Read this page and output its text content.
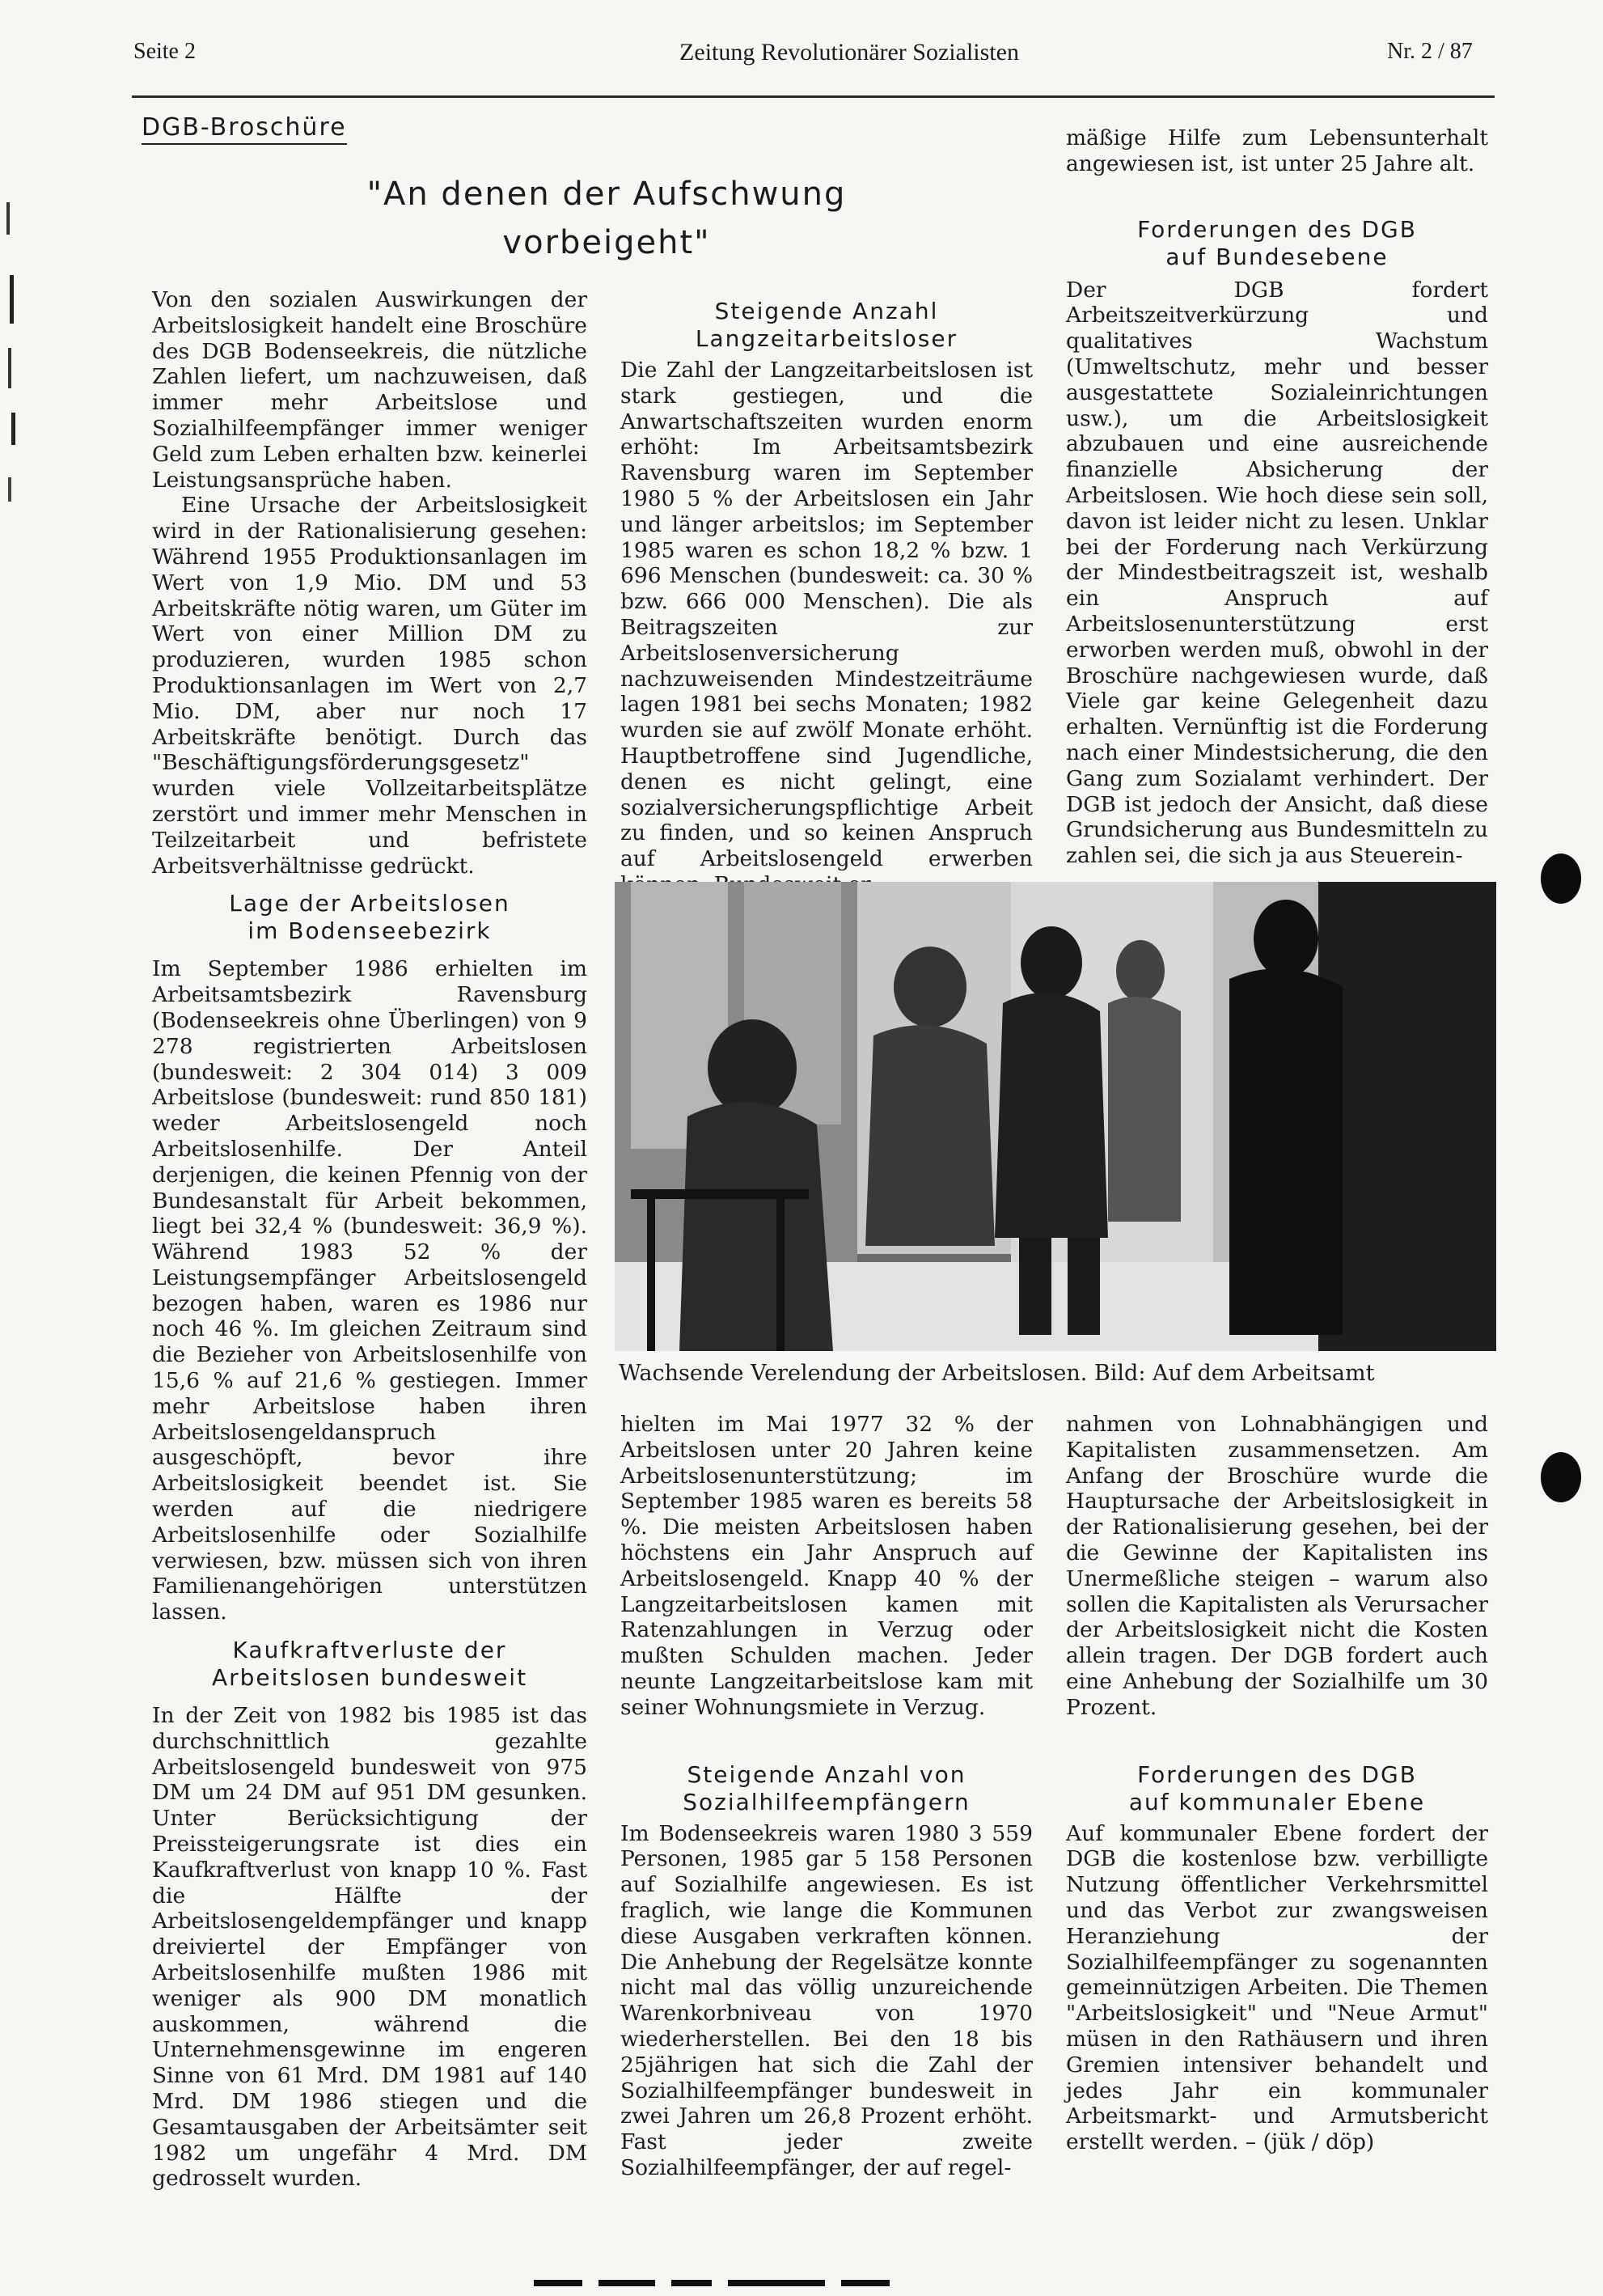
Seite 2	Zeitung Revolutionärer Sozialisten	Nr. 2 / 87
DGB-Broschüre
"An denen der Aufschwung
vorbeigeht"

Von den sozialen Auswirkungen der Arbeitslosigkeit handelt eine Broschüre des DGB Bodenseekreis, die nützliche Zahlen liefert, um nachzuweisen, daß immer mehr Arbeitslose und Sozialhilfeempfänger immer weniger Geld zum Leben erhalten bzw. keinerlei Leistungsansprüche haben.

Eine Ursache der Arbeitslosigkeit wird in der Rationalisierung gesehen: Während 1955 Produktionsanlagen im Wert von 1,9 Mio. DM und 53 Arbeitskräfte nötig waren, um Güter im Wert von einer Million DM zu produzieren, wurden 1985 schon Produktionsanlagen im Wert von 2,7 Mio. DM, aber nur noch 17 Arbeitskräfte benötigt. Durch das "Beschäftigungsförderungsgesetz" wurden viele Vollzeitarbeitsplätze zerstört und immer mehr Menschen in Teilzeitarbeit und befristete Arbeitsverhältnisse gedrückt.

Lage der Arbeitslosen
im Bodenseebezirk

Im September 1986 erhielten im Arbeitsamtsbezirk Ravensburg (Bodenseekreis ohne Überlingen) von 9 278 registrierten Arbeitslosen (bundesweit: 2 304 014) 3 009 Arbeitslose (bundesweit: rund 850 181) weder Arbeitslosengeld noch Arbeitslosenhilfe. Der Anteil derjenigen, die keinen Pfennig von der Bundesanstalt für Arbeit bekommen, liegt bei 32,4 % (bundesweit: 36,9 %). Während 1983 52 % der Leistungsempfänger Arbeitslosengeld bezogen haben, waren es 1986 nur noch 46 %. Im gleichen Zeitraum sind die Bezieher von Arbeitslosenhilfe von 15,6 % auf 21,6 % gestiegen. Immer mehr Arbeitslose haben ihren Arbeitslosengeldanspruch ausgeschöpft, bevor ihre Arbeitslosigkeit beendet ist. Sie werden auf die niedrigere Arbeitslosenhilfe oder Sozialhilfe verwiesen, bzw. müssen sich von ihren Familienangehörigen unterstützen lassen.

Kaufkraftverluste der
Arbeitslosen bundesweit

In der Zeit von 1982 bis 1985 ist das durchschnittlich gezahlte Arbeitslosengeld bundesweit von 975 DM um 24 DM auf 951 DM gesunken. Unter Berücksichtigung der Preissteigerungsrate ist dies ein Kaufkraftverlust von knapp 10 %. Fast die Hälfte der Arbeitslosengeldempfänger und knapp dreiviertel der Empfänger von Arbeitslosenhilfe mußten 1986 mit weniger als 900 DM monatlich auskommen, während die Unternehmensgewinne im engeren Sinne von 61 Mrd. DM 1981 auf 140 Mrd. DM 1986 stiegen und die Gesamtausgaben der Arbeitsämter seit 1982 um ungefähr 4 Mrd. DM gedrosselt wurden.

Steigende Anzahl
Langzeitarbeitsloser

Die Zahl der Langzeitarbeitslosen ist stark gestiegen, und die Anwartschaftszeiten wurden enorm erhöht: Im Arbeitsamtsbezirk Ravensburg waren im September 1980 5 % der Arbeitslosen ein Jahr und länger arbeitslos; im September 1985 waren es schon 18,2 % bzw. 1 696 Menschen (bundesweit: ca. 30 % bzw. 666 000 Menschen). Die als Beitragszeiten zur Arbeitslosenversicherung nachzuweisenden Mindestzeiträume lagen 1981 bei sechs Monaten; 1982 wurden sie auf zwölf Monate erhöht. Hauptbetroffene sind Jugendliche, denen es nicht gelingt, eine sozialversicherungspflichtige Arbeit zu finden, und so keinen Anspruch auf Arbeitslosengeld erwerben

mäßige Hilfe zum Lebensunterhalt angewiesen ist, ist unter 25 Jahre alt.

Forderungen des DGB
auf Bundesebene

Der DGB fordert Arbeitszeitverkürzung und qualitatives Wachstum (Umweltschutz, mehr und besser ausgestattete Sozialeinrichtungen usw.), um die Arbeitslosigkeit abzubauen und eine ausreichende finanzielle Absicherung der Arbeitslosen. Wie hoch diese sein soll, davon ist leider nicht zu lesen. Unklar bei der Forderung nach Verkürzung der Mindestbeitragszeit ist, weshalb ein Anspruch auf Arbeitslosenunterstützung erst erworben werden muß, obwohl in der Broschüre nachgewiesen wurde, daß Viele gar keine Gelegenheit dazu erhalten. Vernünftig ist die Forderung nach einer Mindestsicherung, die den Gang zum Sozialamt verhindert. Der DGB ist jedoch der Ansicht, daß diese Grundsicherung aus Bundesmitteln zu zahlen sei, die sich ja aus Steuerein-

Wachsende Verelendung der Arbeitslosen. Bild: Auf dem Arbeitsamt

hielten im Mai 1977 32 % der Arbeitslosen unter 20 Jahren keine Arbeitslosenunterstützung; im September 1985 waren es bereits 58 %. Die meisten Arbeitslosen haben höchstens ein Jahr Anspruch auf Arbeitslosengeld. Knapp 40 % der Langzeitarbeitslosen kamen mit Ratenzahlungen in Verzug oder mußten Schulden machen. Jeder neunte Langzeitarbeitslose kam mit seiner Wohnungsmiete in Verzug.

Steigende Anzahl von
Sozialhilfeempfängern

Im Bodenseekreis waren 1980 3 559 Personen, 1985 gar 5 158 Personen auf Sozialhilfe angewiesen. Es ist fraglich, wie lange die Kommunen diese Ausgaben verkraften können. Die Anhebung der Regelsätze konnte nicht mal das völlig unzureichende Warenkorbniveau von 1970 wiederherstellen. Bei den 18 bis 25jährigen hat sich die Zahl der Sozialhilfeempfänger bundesweit in zwei Jahren um 26,8 Prozent erhöht. Fast jeder zweite Sozialhilfeempfänger, der auf regel-

nahmen von Lohnabhängigen und Kapitalisten zusammensetzen. Am Anfang der Broschüre wurde die Hauptursache der Arbeitslosigkeit in der Rationalisierung gesehen, bei der die Gewinne der Kapitalisten ins Unermeßliche steigen – warum also sollen die Kapitalisten als Verursacher der Arbeitslosigkeit nicht die Kosten allein tragen. Der DGB fordert auch eine Anhebung der Sozialhilfe um 30 Prozent.

Forderungen des DGB
auf kommunaler Ebene

Auf kommunaler Ebene fordert der DGB die kostenlose bzw. verbilligte Nutzung öffentlicher Verkehrsmittel und das Verbot zur zwangsweisen Heranziehung der Sozialhilfeempfänger zu sogenannten gemeinnützigen Arbeiten. Die Themen "Arbeitslosigkeit" und "Neue Armut" müsen in den Rathäusern und ihren Gremien intensiver behandelt und jedes Jahr ein kommunaler Arbeitsmarkt- und Armutsbericht erstellt werden. – (jük / döp)
